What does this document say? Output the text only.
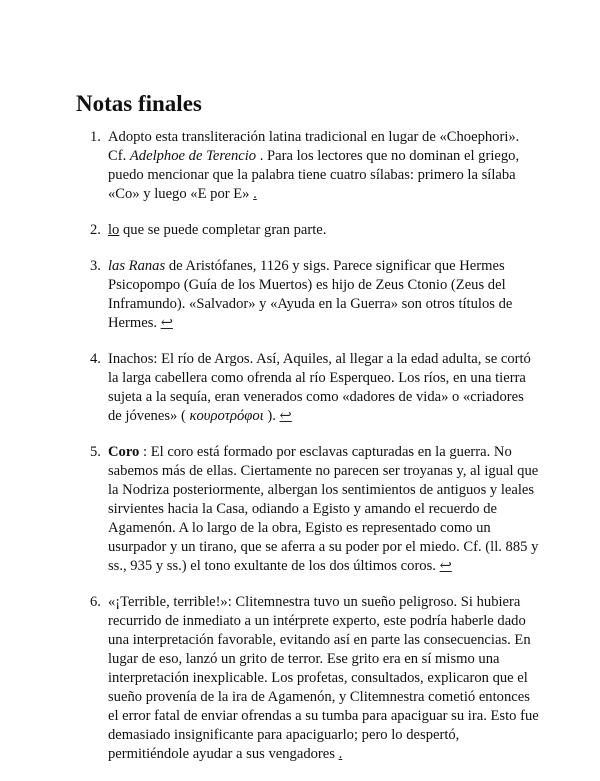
Notas finales
1. Adopto esta transliteración latina tradicional en lugar de «Choephori». Cf. Adelphoe de Terencio . Para los lectores que no dominan el griego, puedo mencionar que la palabra tiene cuatro sílabas: primero la sílaba «Co» y luego «E por E» .
2. lo que se puede completar gran parte.
3. las Ranas de Aristófanes, 1126 y sigs. Parece significar que Hermes Psicopompo (Guía de los Muertos) es hijo de Zeus Ctonio (Zeus del Inframundo). «Salvador» y «Ayuda en la Guerra» son otros títulos de Hermes. ↩
4. Inachos: El río de Argos. Así, Aquiles, al llegar a la edad adulta, se cortó la larga cabellera como ofrenda al río Esperqueo. Los ríos, en una tierra sujeta a la sequía, eran venerados como «dadores de vida» o «criadores de jóvenes» ( κουροτρόφοι ). ↩
5. Coro : El coro está formado por esclavas capturadas en la guerra. No sabemos más de ellas. Ciertamente no parecen ser troyanas y, al igual que la Nodriza posteriormente, albergan los sentimientos de antiguos y leales sirvientes hacia la Casa, odiando a Egisto y amando el recuerdo de Agamenón. A lo largo de la obra, Egisto es representado como un usurpador y un tirano, que se aferra a su poder por el miedo. Cf. (ll. 885 y ss., 935 y ss.) el tono exultante de los dos últimos coros. ↩
6. «¡Terrible, terrible!»: Clitemnestra tuvo un sueño peligroso. Si hubiera recurrido de inmediato a un intérprete experto, este podría haberle dado una interpretación favorable, evitando así en parte las consecuencias. En lugar de eso, lanzó un grito de terror. Ese grito era en sí mismo una interpretación inexplicable. Los profetas, consultados, explicaron que el sueño provenía de la ira de Agamenón, y Clitemnestra cometió entonces el error fatal de enviar ofrendas a su tumba para apaciguar su ira. Esto fue demasiado insignificante para apaciguarlo; pero lo despertó, permitiéndole ayudar a sus vengadores .
